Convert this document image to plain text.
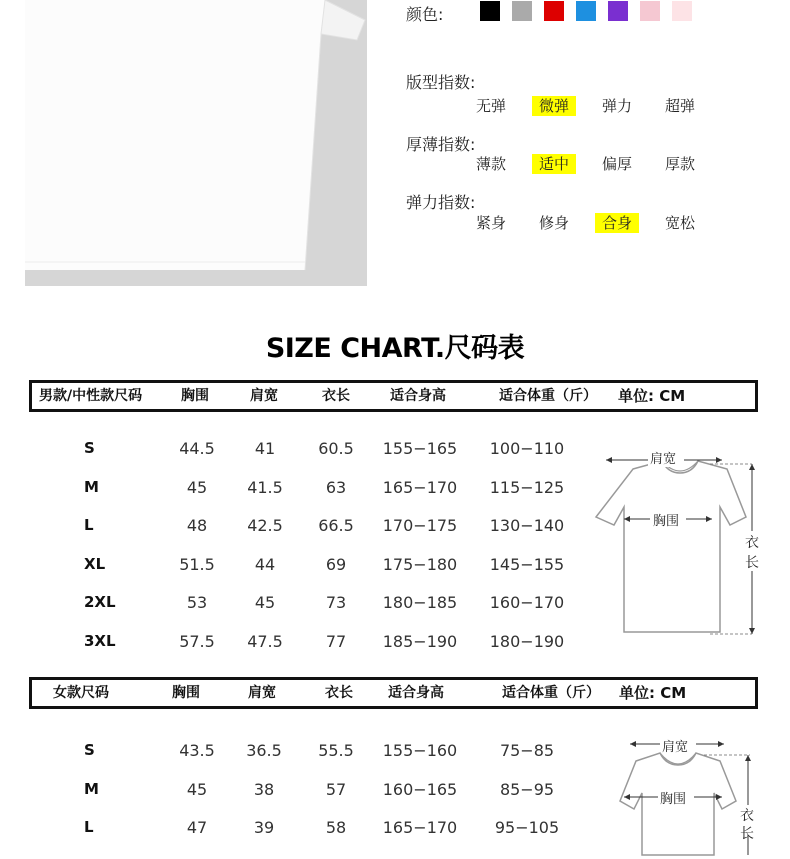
颜色:
版型指数:
厚薄指数:
弹力指数:
无弹	微弹	弹力	超弹
薄款	适中	偏厚	厚款
紧身	修身	合身	宽松
SIZE CHART.尺码表
男款/中性款尺码	胸围	肩宽	衣长	适合身高	适合体重（斤） 单位: CM
S	44.5	41	60.5	155−165 100−110
M	45	41.5	63	165−170 115−125
L	48	42.5	66.5	170−175 130−140
XL	51.5	44	69	175−180 145−155
2XL	53	45	73	180−185 160−170
3XL	57.5	47.5	77	185−190 180−190
肩宽
胸围
衣
长
女款尺码	胸围	肩宽	衣长	适合身高	适合体重（斤） 单位: CM
S	43.5	36.5	55.5	155−160	75−85
M	45	38	57	160−165	85−95
L	47	39	58	165−170	95−105
肩宽
胸围
衣
长
